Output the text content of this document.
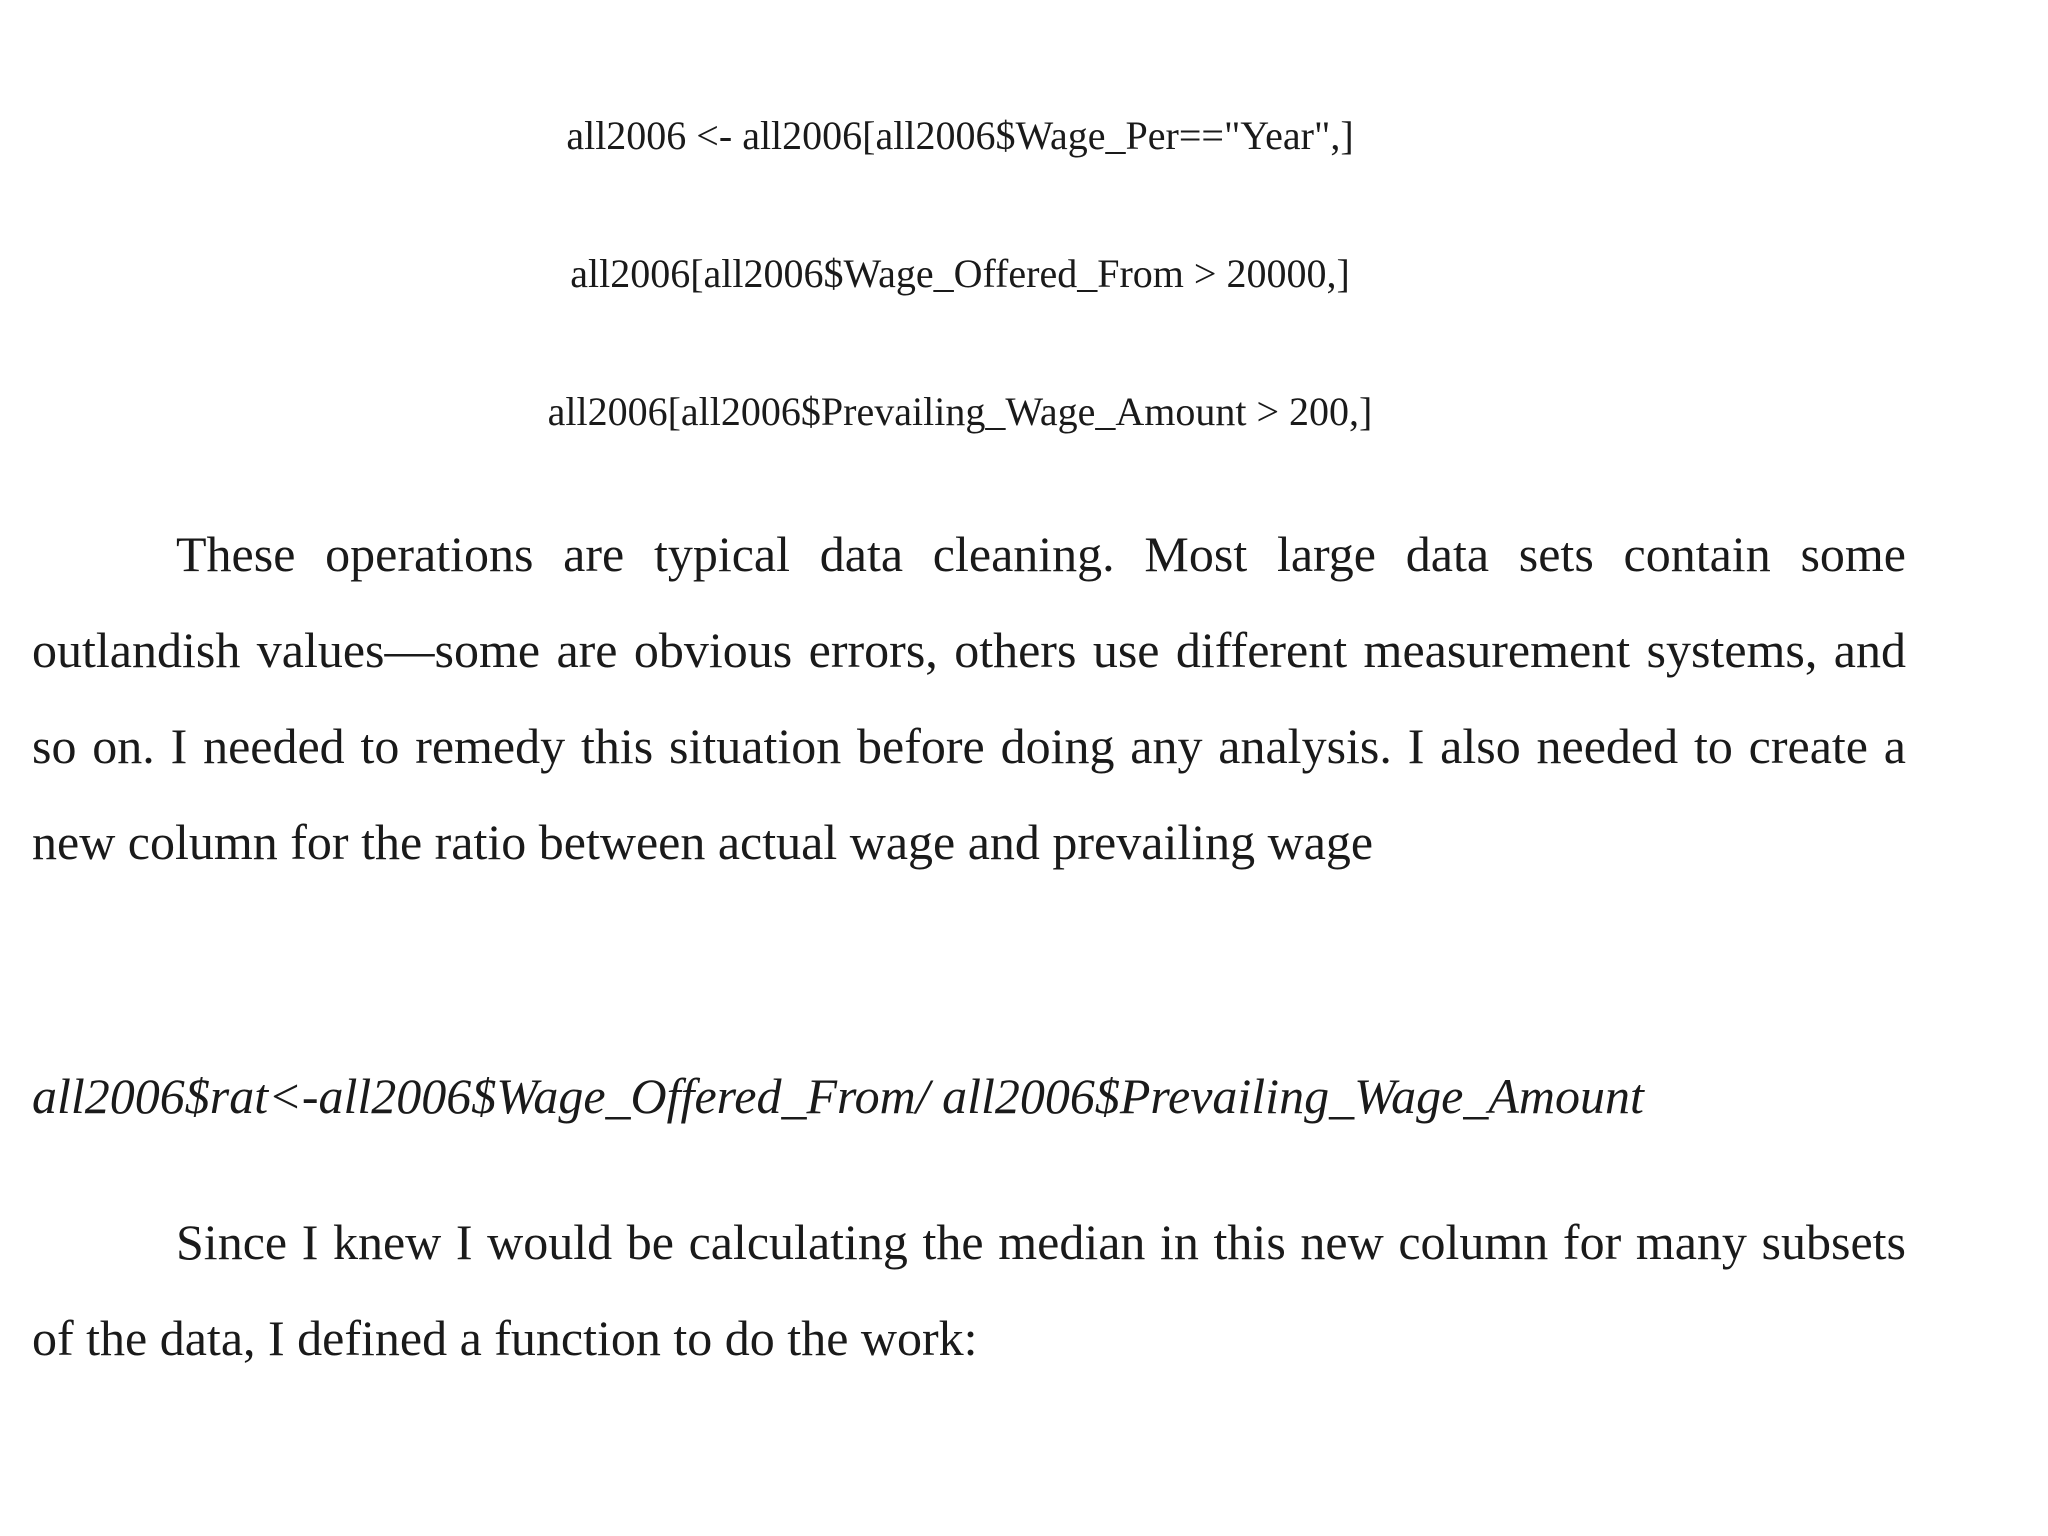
all2006 <- all2006[all2006$Wage_Per=="Year",]
all2006[all2006$Wage_Offered_From > 20000,]
all2006[all2006$Prevailing_Wage_Amount > 200,]
These operations are typical data cleaning. Most large data sets contain some outlandish values—some are obvious errors, others use different measurement systems, and so on. I needed to remedy this situation before doing any analysis. I also needed to create a new column for the ratio between actual wage and prevailing wage
all2006$rat<-all2006$Wage_Offered_From/ all2006$Prevailing_Wage_Amount
Since I knew I would be calculating the median in this new column for many subsets of the data, I defined a function to do the work:
